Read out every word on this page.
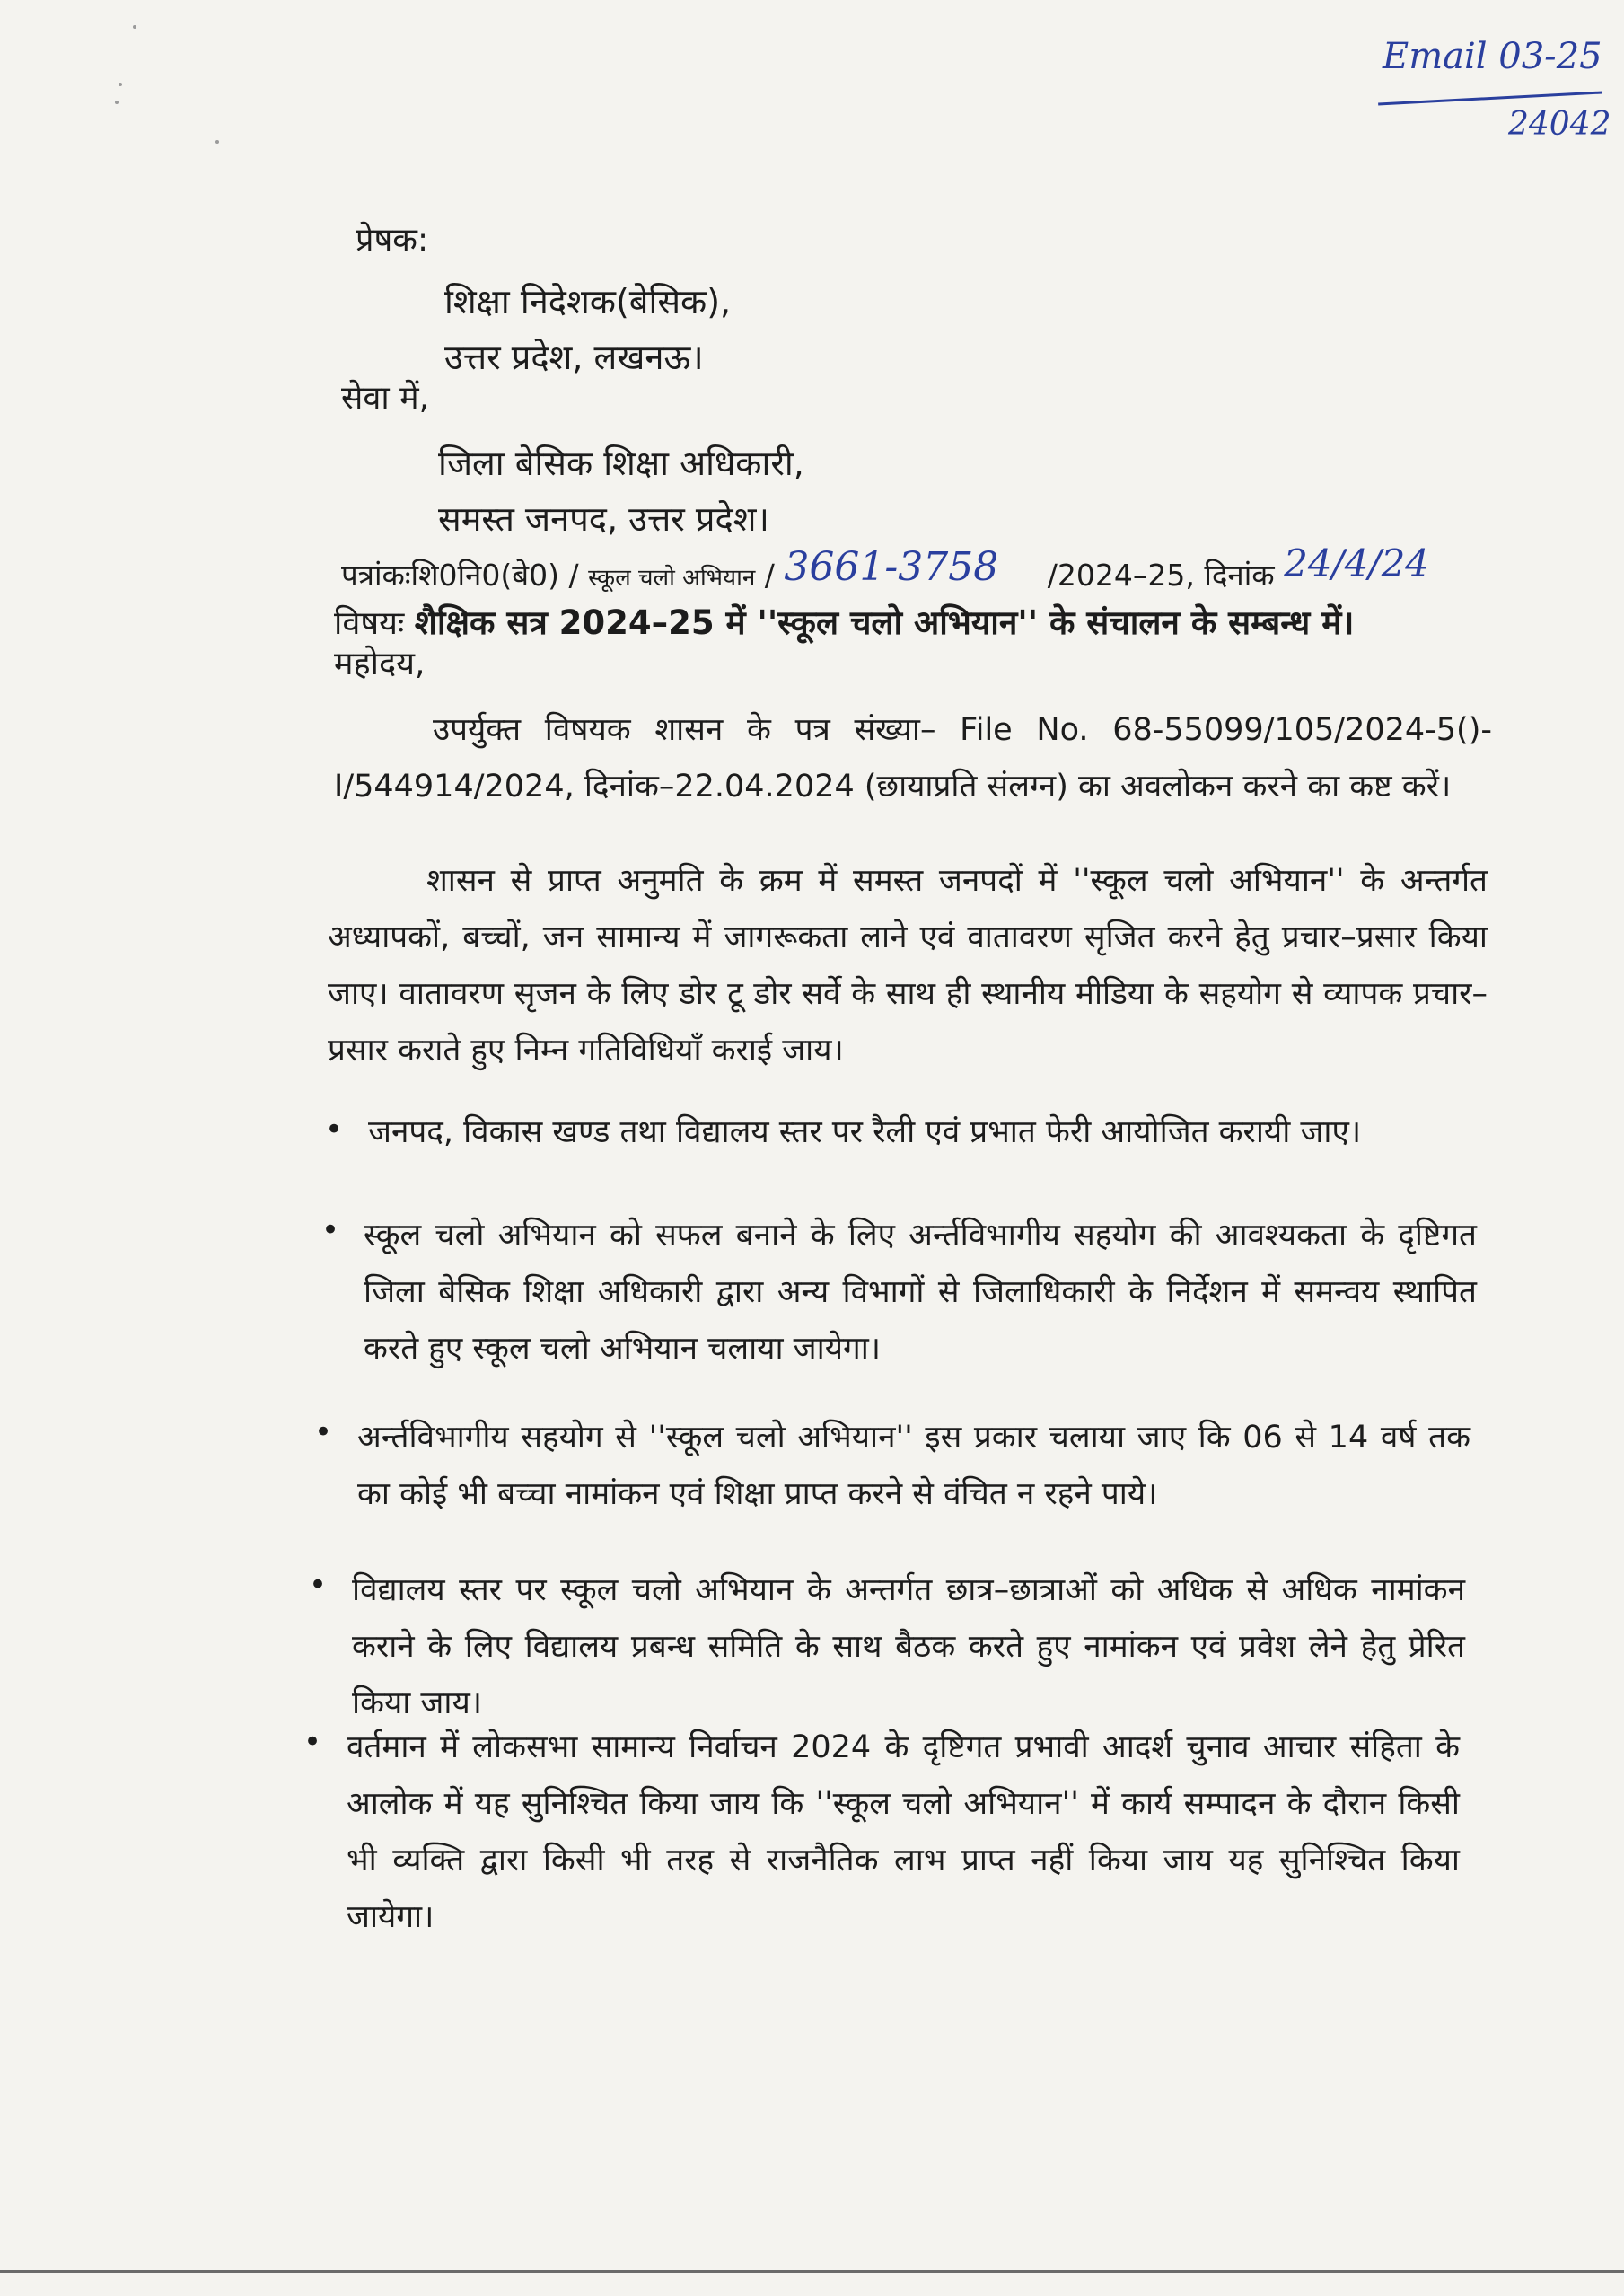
Email 03-25
24042
प्रेषक:
शिक्षा निदेशक(बेसिक),
उत्तर प्रदेश, लखनऊ।
सेवा में,
जिला बेसिक शिक्षा अधिकारी,
समस्त जनपद, उत्तर प्रदेश।
पत्रांकःशि0नि0(बे0) / स्कूल चलो अभियान / 3661-3758 /2024–25, दिनांक 24/4/24
विषयः शैक्षिक सत्र 2024–25 में ''स्कूल चलो अभियान'' के संचालन के सम्बन्ध में।
महोदय,
उपर्युक्त विषयक शासन के पत्र संख्या– File No. 68-55099/105/2024-5()-I/544914/2024, दिनांक–22.04.2024 (छायाप्रति संलग्न) का अवलोकन करने का कष्ट करें।
शासन से प्राप्त अनुमति के क्रम में समस्त जनपदों में ''स्कूल चलो अभियान'' के अन्तर्गत अध्यापकों, बच्चों, जन सामान्य में जागरूकता लाने एवं वातावरण सृजित करने हेतु प्रचार–प्रसार किया जाए। वातावरण सृजन के लिए डोर टू डोर सर्वे के साथ ही स्थानीय मीडिया के सहयोग से व्यापक प्रचार–प्रसार कराते हुए निम्न गतिविधियाँ कराई जाय।
• जनपद, विकास खण्ड तथा विद्यालय स्तर पर रैली एवं प्रभात फेरी आयोजित करायी जाए।
• स्कूल चलो अभियान को सफल बनाने के लिए अर्न्तविभागीय सहयोग की आवश्यकता के दृष्टिगत जिला बेसिक शिक्षा अधिकारी द्वारा अन्य विभागों से जिलाधिकारी के निर्देशन में समन्वय स्थापित करते हुए स्कूल चलो अभियान चलाया जायेगा।
• अर्न्तविभागीय सहयोग से ''स्कूल चलो अभियान'' इस प्रकार चलाया जाए कि 06 से 14 वर्ष तक का कोई भी बच्चा नामांकन एवं शिक्षा प्राप्त करने से वंचित न रहने पाये।
• विद्यालय स्तर पर स्कूल चलो अभियान के अन्तर्गत छात्र–छात्राओं को अधिक से अधिक नामांकन कराने के लिए विद्यालय प्रबन्ध समिति के साथ बैठक करते हुए नामांकन एवं प्रवेश लेने हेतु प्रेरित किया जाय।
• वर्तमान में लोकसभा सामान्य निर्वाचन 2024 के दृष्टिगत प्रभावी आदर्श चुनाव आचार संहिता के आलोक में यह सुनिश्चित किया जाय कि ''स्कूल चलो अभियान'' में कार्य सम्पादन के दौरान किसी भी व्यक्ति द्वारा किसी भी तरह से राजनैतिक लाभ प्राप्त नहीं किया जाय यह सुनिश्चित किया जायेगा।
